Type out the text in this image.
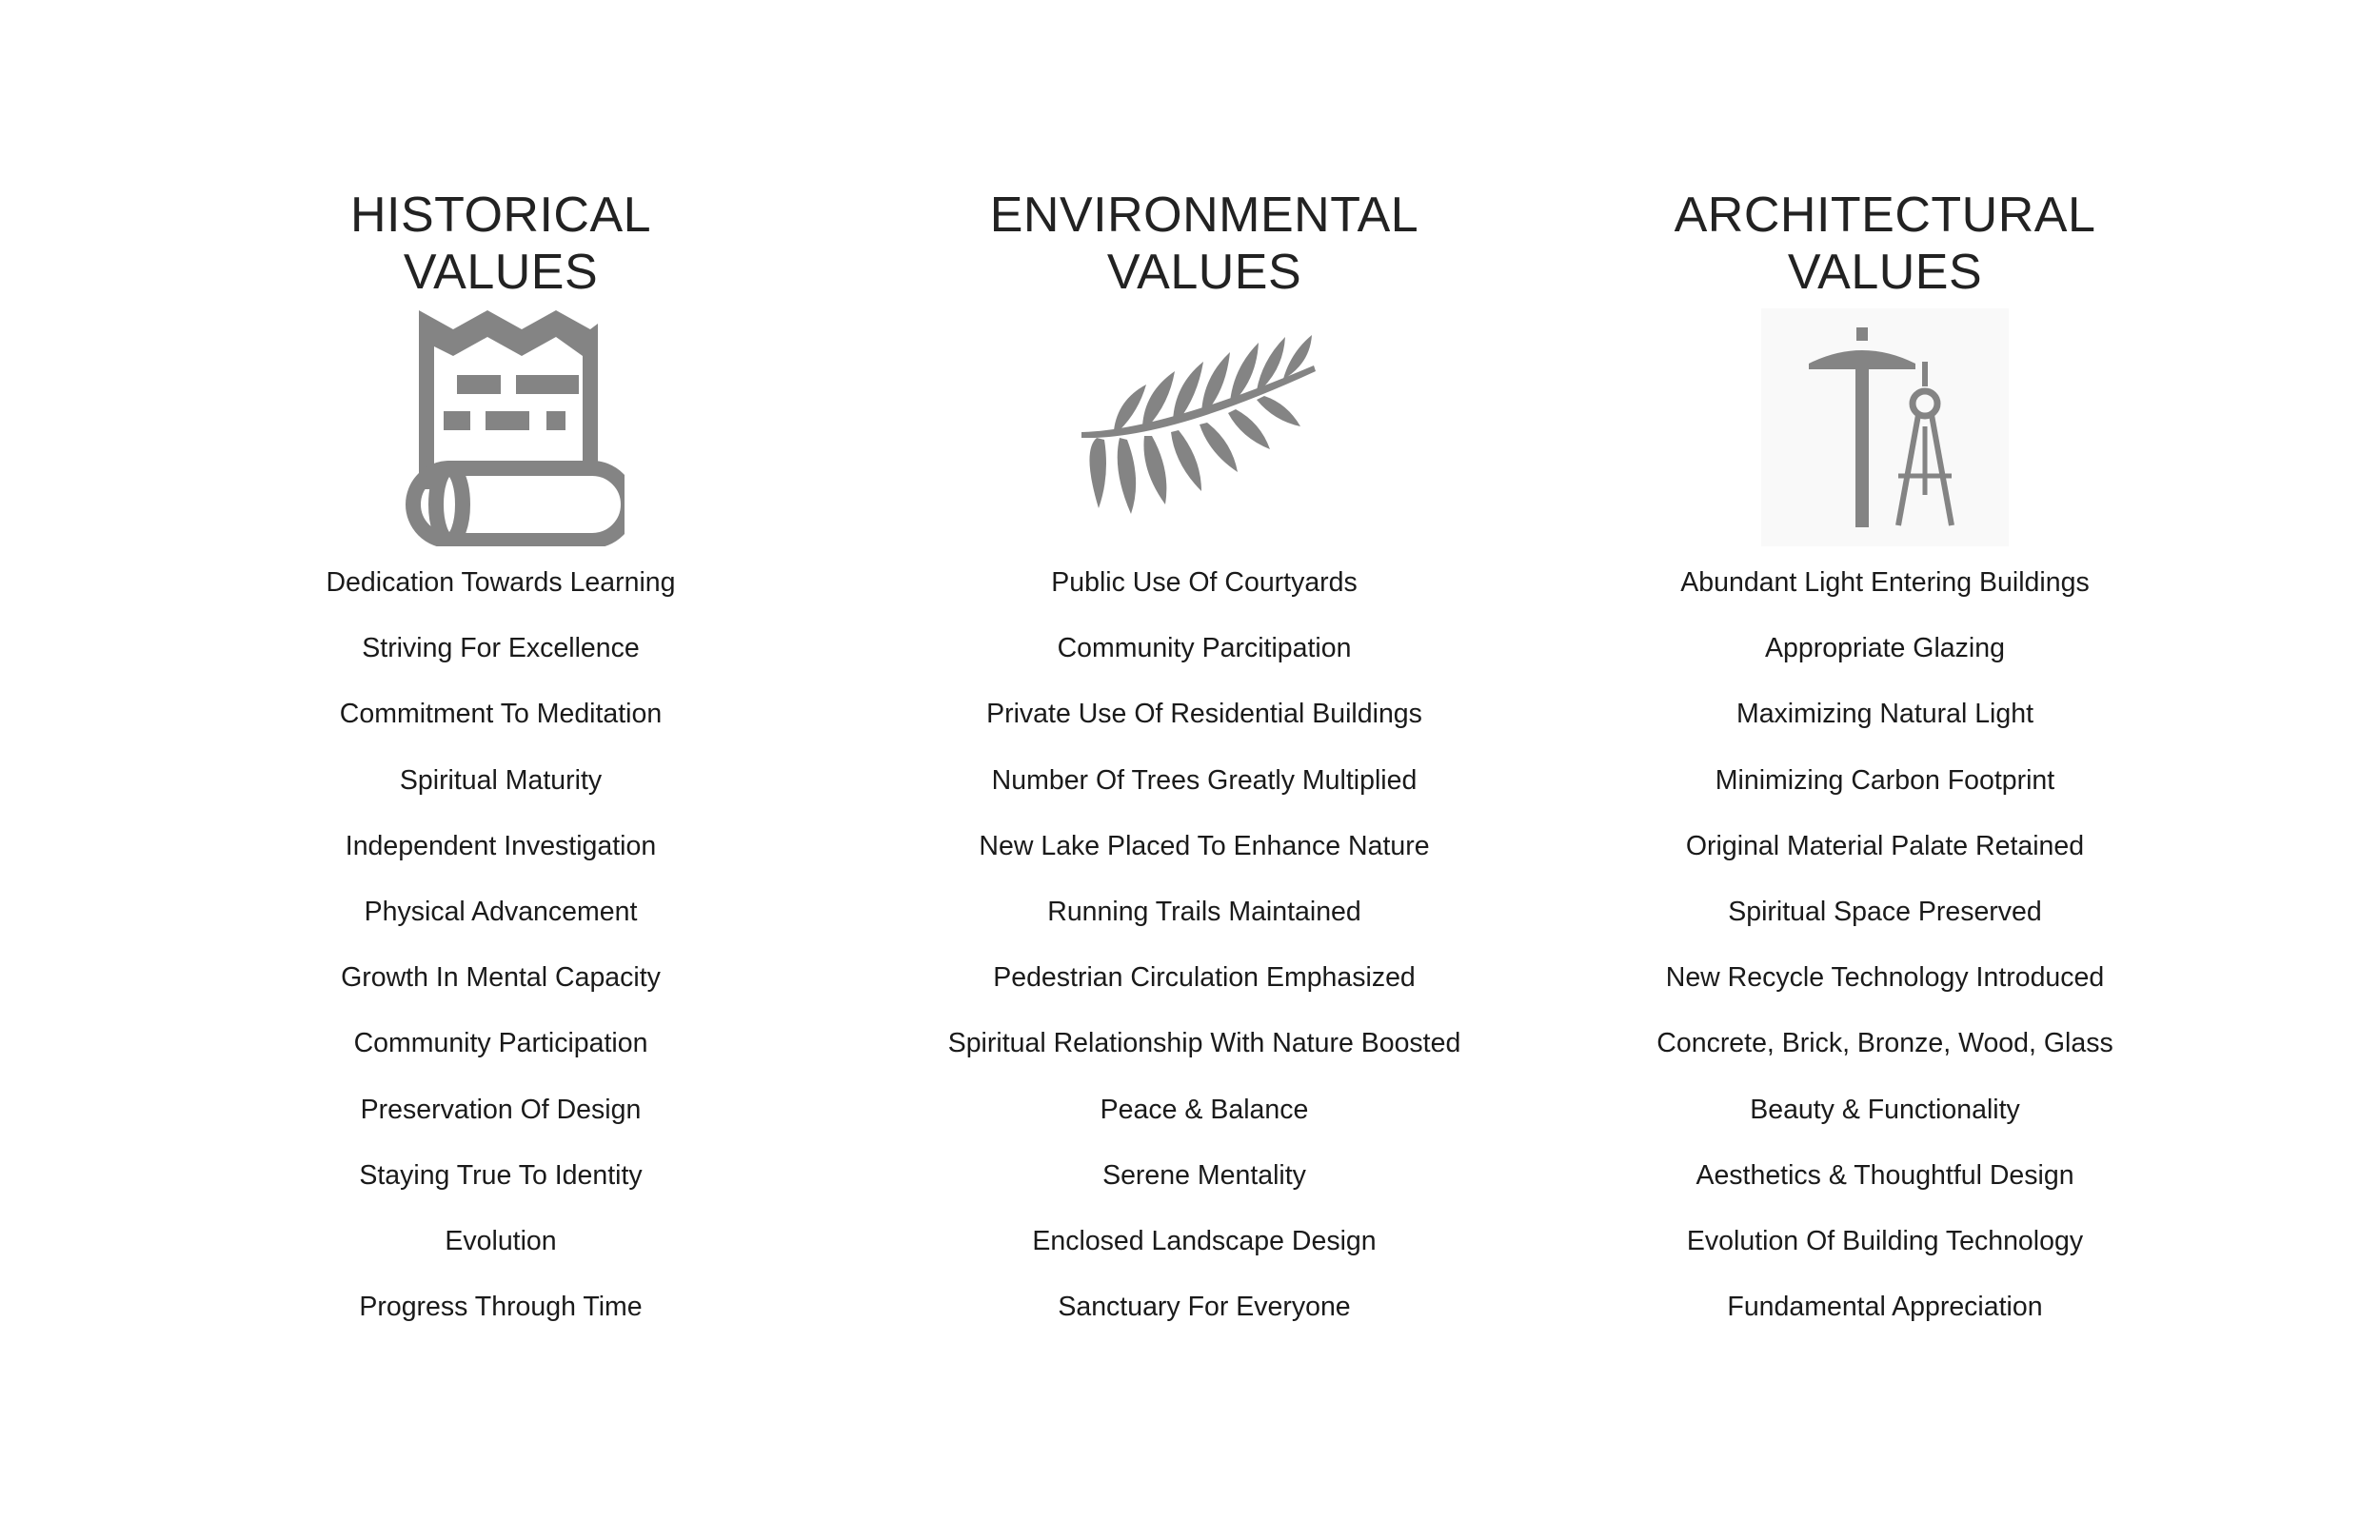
HISTORICAL
VALUES
Dedication Towards Learning
Striving For Excellence
Commitment To Meditation
Spiritual Maturity
Independent Investigation
Physical Advancement
Growth In Mental Capacity
Community Participation
Preservation Of Design
Staying True To Identity
Evolution
Progress Through Time
ENVIRONMENTAL
VALUES
Public Use Of Courtyards
Community Parcitipation
Private Use Of Residential Buildings
Number Of Trees Greatly Multiplied
New Lake Placed To Enhance Nature
Running Trails Maintained
Pedestrian Circulation Emphasized
Spiritual Relationship With Nature Boosted
Peace & Balance
Serene Mentality
Enclosed Landscape Design
Sanctuary For Everyone
ARCHITECTURAL
VALUES
Abundant Light Entering Buildings
Appropriate Glazing
Maximizing Natural Light
Minimizing Carbon Footprint
Original Material Palate Retained
Spiritual Space Preserved
New Recycle Technology Introduced
Concrete, Brick, Bronze, Wood, Glass
Beauty & Functionality
Aesthetics & Thoughtful Design
Evolution Of Building Technology
Fundamental Appreciation
